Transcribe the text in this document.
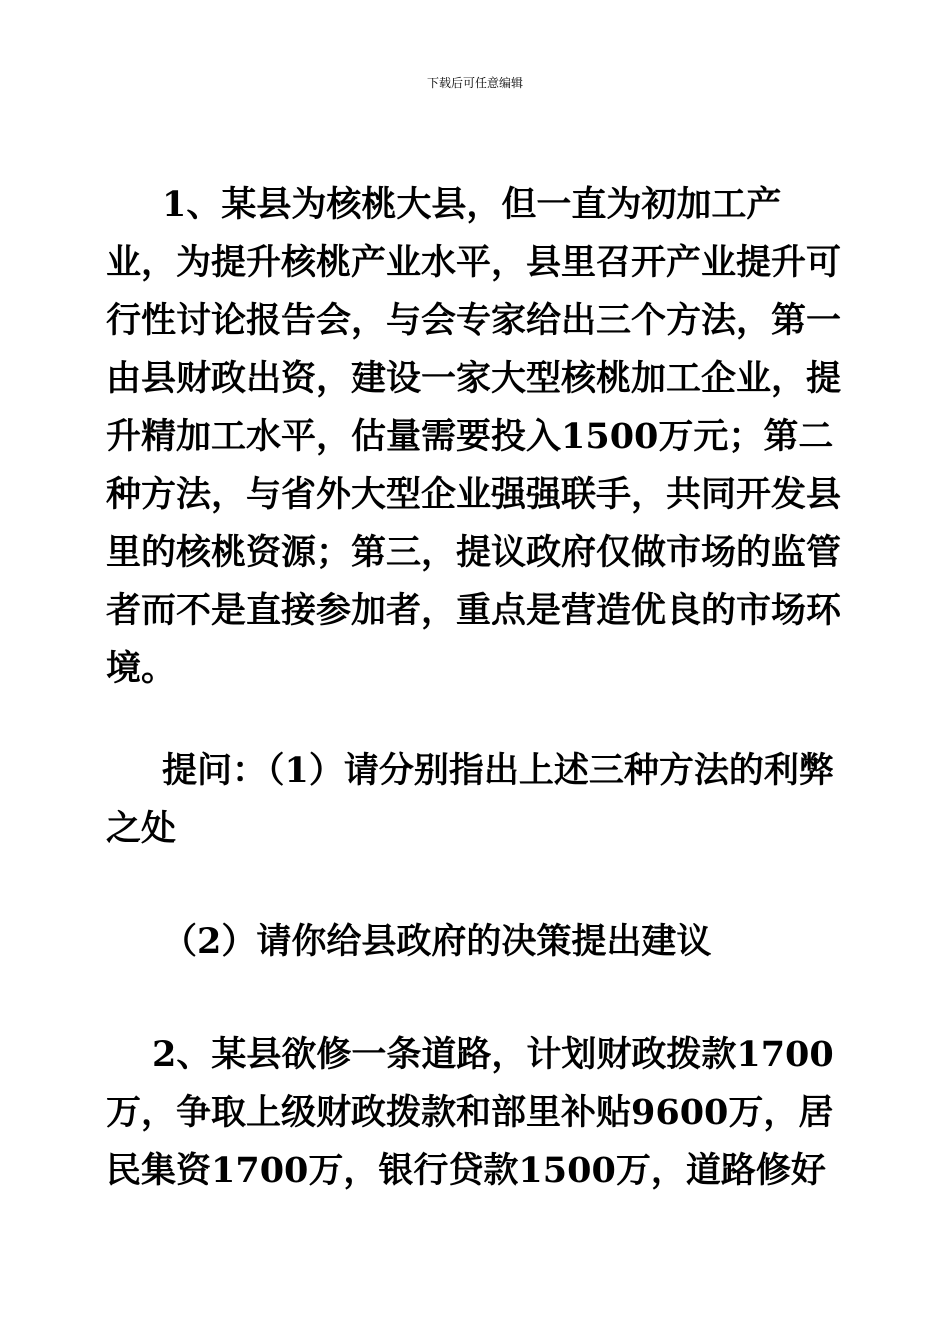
下载后可任意编辑
1、某县为核桃大县，但一直为初加工产业，为提升核桃产业水平，县里召开产业提升可行性讨论报告会，与会专家给出三个方法，第一由县财政出资，建设一家大型核桃加工企业，提升精加工水平，估量需要投入1500万元；第二种方法，与省外大型企业强强联手，共同开发县里的核桃资源；第三，提议政府仅做市场的监管者而不是直接参加者，重点是营造优良的市场环境。
提问：（1）请分别指出上述三种方法的利弊之处
（2）请你给县政府的决策提出建议
2、某县欲修一条道路，计划财政拨款1700万，争取上级财政拨款和部里补贴9600万，居民集资1700万，银行贷款1500万，道路修好
